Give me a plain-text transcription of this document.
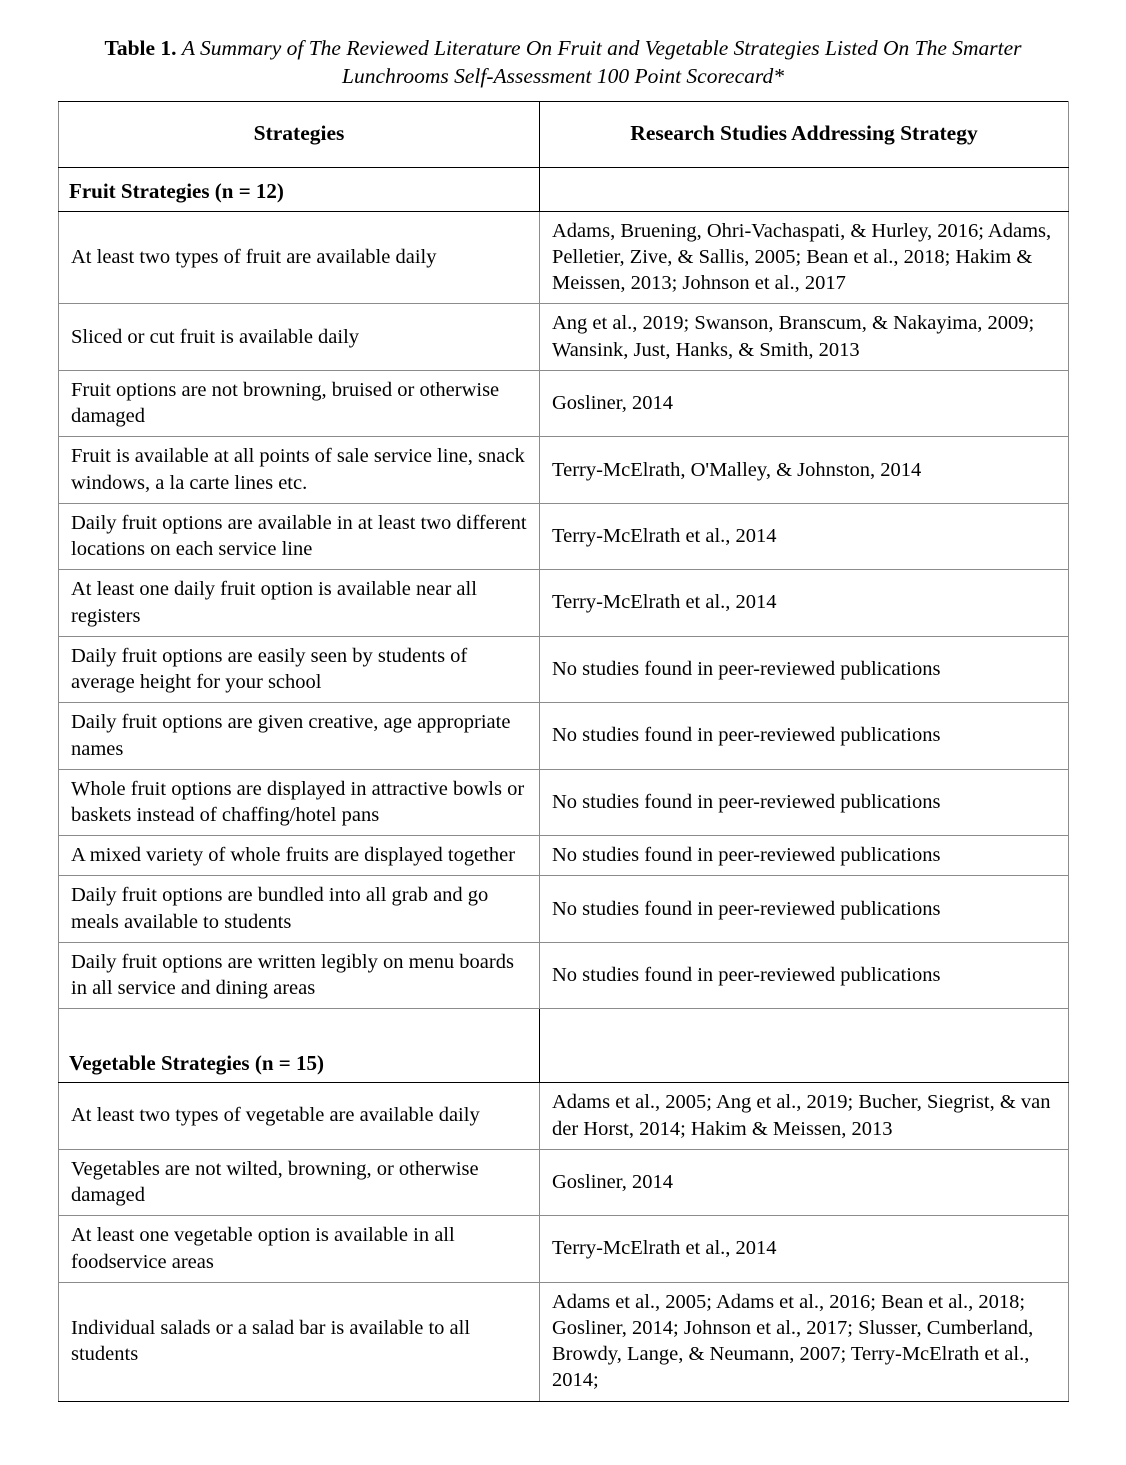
Table 1. A Summary of The Reviewed Literature On Fruit and Vegetable Strategies Listed On The Smarter Lunchrooms Self-Assessment 100 Point Scorecard*
Strategies	Research Studies Addressing Strategy
Fruit Strategies (n = 12)	
At least two types of fruit are available daily	Adams, Bruening, Ohri-Vachaspati, & Hurley, 2016; Adams, Pelletier, Zive, & Sallis, 2005; Bean et al., 2018; Hakim & Meissen, 2013; Johnson et al., 2017
Sliced or cut fruit is available daily	Ang et al., 2019; Swanson, Branscum, & Nakayima, 2009; Wansink, Just, Hanks, & Smith, 2013
Fruit options are not browning, bruised or otherwise damaged	Gosliner, 2014
Fruit is available at all points of sale service line, snack windows, a la carte lines etc.	Terry-McElrath, O'Malley, & Johnston, 2014
Daily fruit options are available in at least two different locations on each service line	Terry-McElrath et al., 2014
At least one daily fruit option is available near all registers	Terry-McElrath et al., 2014
Daily fruit options are easily seen by students of average height for your school	No studies found in peer-reviewed publications
Daily fruit options are given creative, age appropriate names	No studies found in peer-reviewed publications
Whole fruit options are displayed in attractive bowls or baskets instead of chaffing/hotel pans	No studies found in peer-reviewed publications
A mixed variety of whole fruits are displayed together	No studies found in peer-reviewed publications
Daily fruit options are bundled into all grab and go meals available to students	No studies found in peer-reviewed publications
Daily fruit options are written legibly on menu boards in all service and dining areas	No studies found in peer-reviewed publications
Vegetable Strategies (n = 15)	
At least two types of vegetable are available daily	Adams et al., 2005; Ang et al., 2019; Bucher, Siegrist, & van der Horst, 2014; Hakim & Meissen, 2013
Vegetables are not wilted, browning, or otherwise damaged	Gosliner, 2014
At least one vegetable option is available in all foodservice areas	Terry-McElrath et al., 2014
Individual salads or a salad bar is available to all students	Adams et al., 2005; Adams et al., 2016; Bean et al., 2018; Gosliner, 2014; Johnson et al., 2017; Slusser, Cumberland, Browdy, Lange, & Neumann, 2007; Terry-McElrath et al., 2014;
